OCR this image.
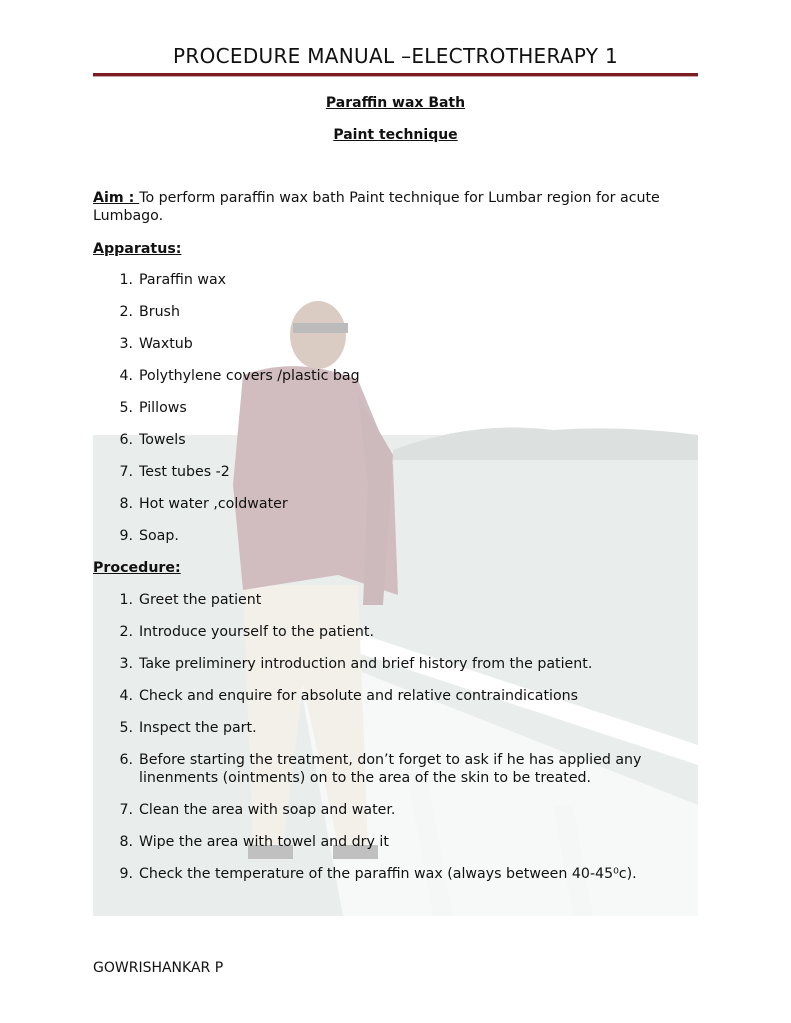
PROCEDURE MANUAL –ELECTROTHERAPY 1
Paraffin wax Bath
Paint technique
Aim : To perform paraffin wax bath Paint technique for Lumbar region for acute Lumbago.
Apparatus:
1. Paraffin wax
2. Brush
3. Waxtub
4. Polythylene covers /plastic bag
5. Pillows
6. Towels
7. Test tubes -2
8. Hot water ,coldwater
9. Soap.
Procedure:
1. Greet the patient
2. Introduce yourself to the patient.
3. Take preliminery introduction and brief history from the patient.
4. Check and enquire for absolute and relative contraindications
5. Inspect the part.
6. Before starting the treatment, don’t forget to ask if he has applied any linenments (ointments) on to the area of the skin to be treated.
7. Clean the area with soap and water.
8. Wipe the area with towel and dry it
9. Check the temperature of the paraffin wax (always between 40-45⁰c).
GOWRISHANKAR P
